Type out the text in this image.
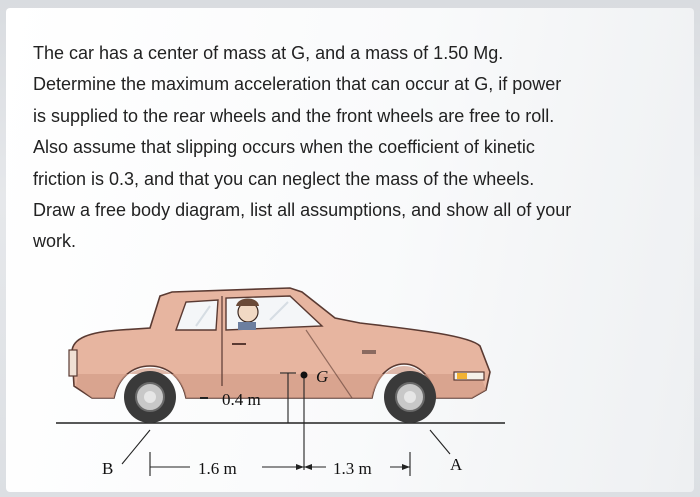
The car has a center of mass at G, and a mass of 1.50 Mg.
Determine the maximum acceleration that can occur at G, if power
is supplied to the rear wheels and the front wheels are free to roll.
Also assume that slipping occurs when the coefficient of kinetic
friction is 0.3, and that you can neglect the mass of the wheels.
Draw a free body diagram, list all assumptions, and show all of your
work.
G
0.4 m
B	A
1.6 m	1.3 m
